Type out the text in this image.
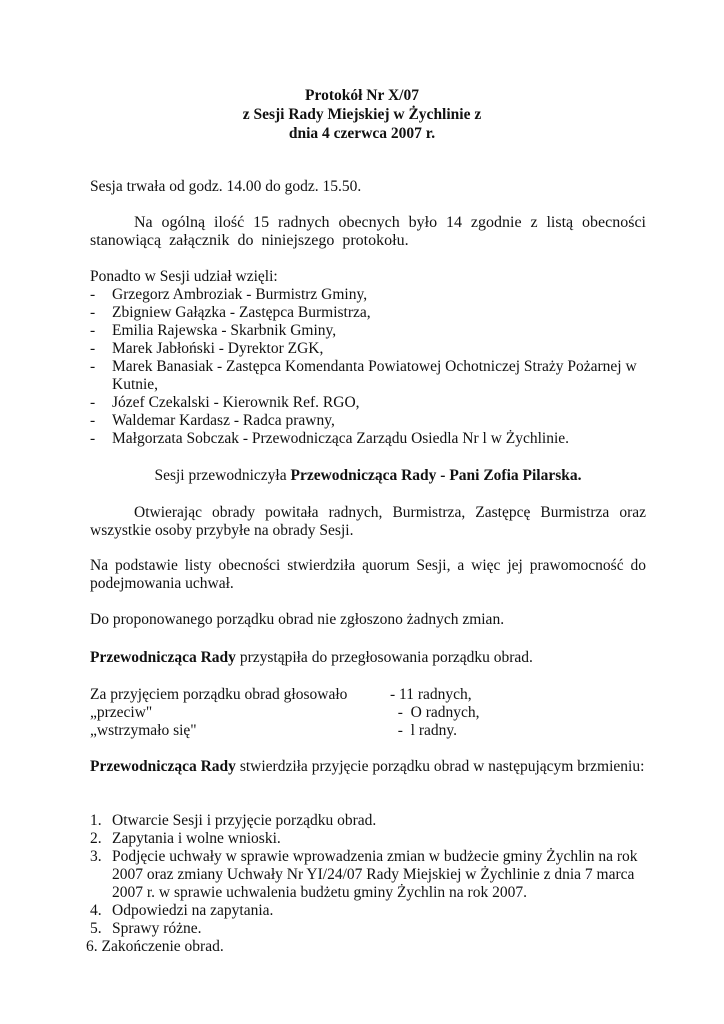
Protokół Nr X/07
z Sesji Rady Miejskiej w Żychlinie z
dnia 4 czerwca 2007 r.
Sesja trwała od godz. 14.00 do godz. 15.50.
Na ogólną ilość 15 radnych obecnych było 14 zgodnie z listą obecności stanowiącą załącznik do niniejszego protokołu.
Ponadto w Sesji udział wzięli:
- Grzegorz Ambroziak - Burmistrz Gminy,
- Zbigniew Gałązka - Zastępca Burmistrza,
- Emilia Rajewska - Skarbnik Gminy,
- Marek Jabłoński - Dyrektor ZGK,
- Marek Banasiak - Zastępca Komendanta Powiatowej Ochotniczej Straży Pożarnej w Kutnie,
- Józef Czekalski - Kierownik Ref. RGO,
- Waldemar Kardasz - Radca prawny,
- Małgorzata Sobczak - Przewodnicząca Zarządu Osiedla Nr l w Żychlinie.
Sesji przewodniczyła Przewodnicząca Rady - Pani Zofia Pilarska.
Otwierając obrady powitała radnych, Burmistrza, Zastępcę Burmistrza oraz wszystkie osoby przybyłe na obrady Sesji.
Na podstawie listy obecności stwierdziła ąuorum Sesji, a więc jej prawomocność do podejmowania uchwał.
Do proponowanego porządku obrad nie zgłoszono żadnych zmian.
Przewodnicząca Rady przystąpiła do przegłosowania porządku obrad.
Za przyjęciem porządku obrad głosowało	- 11 radnych,
„przeciw"	-  O radnych,
„wstrzymało się"	-  l radny.
Przewodnicząca Rady stwierdziła przyjęcie porządku obrad w następującym brzmieniu:
1. Otwarcie Sesji i przyjęcie porządku obrad.
2. Zapytania i wolne wnioski.
3. Podjęcie uchwały w sprawie wprowadzenia zmian w budżecie gminy Żychlin na rok 2007 oraz zmiany Uchwały Nr YI/24/07 Rady Miejskiej w Żychlinie z dnia 7 marca 2007 r. w sprawie uchwalenia budżetu gminy Żychlin na rok 2007.
4. Odpowiedzi na zapytania.
5. Sprawy różne.
6. Zakończenie obrad.
